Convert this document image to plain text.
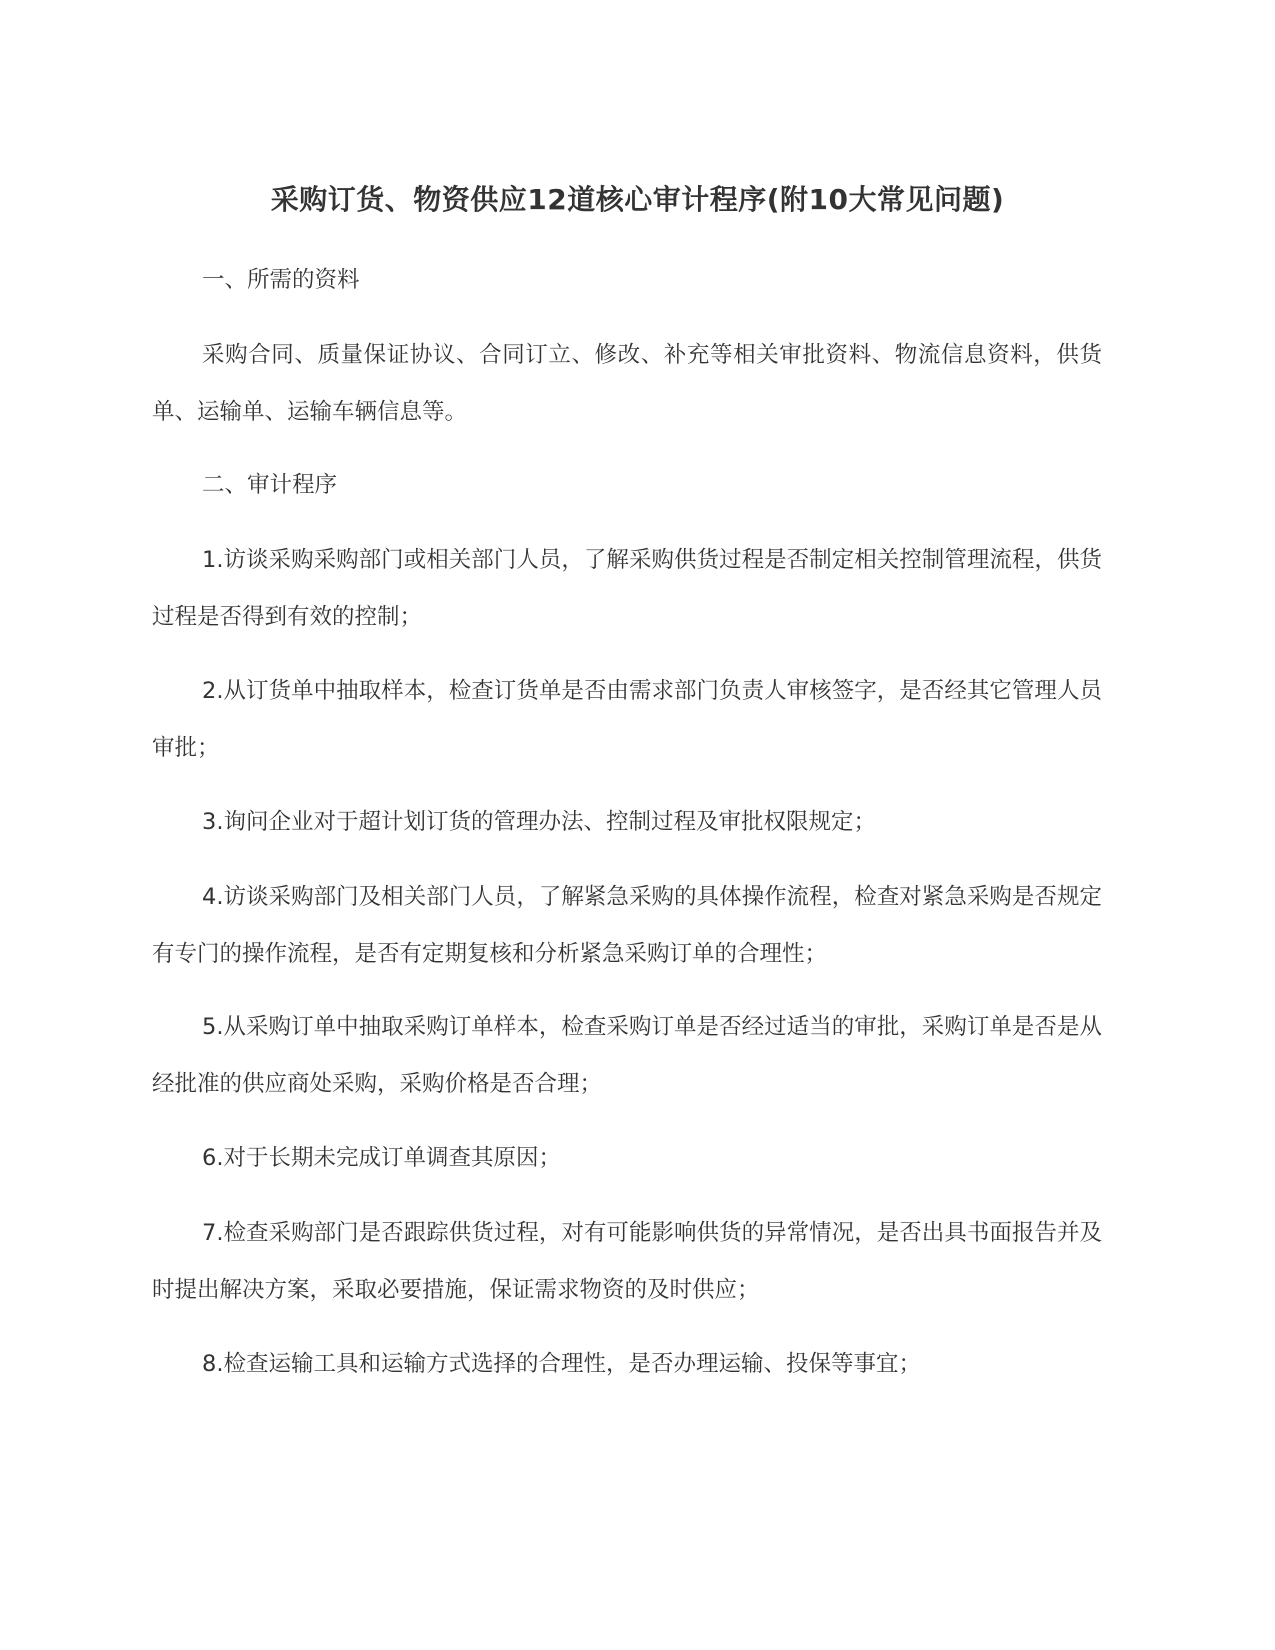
采购订货、物资供应12道核心审计程序(附10大常见问题)

一、所需的资料

采购合同、质量保证协议、合同订立、修改、补充等相关审批资料、物流信息资料，供货单、运输单、运输车辆信息等。

二、审计程序

1.访谈采购采购部门或相关部门人员，了解采购供货过程是否制定相关控制管理流程，供货过程是否得到有效的控制；

2.从订货单中抽取样本，检查订货单是否由需求部门负责人审核签字，是否经其它管理人员审批；

3.询问企业对于超计划订货的管理办法、控制过程及审批权限规定；

4.访谈采购部门及相关部门人员，了解紧急采购的具体操作流程，检查对紧急采购是否规定有专门的操作流程，是否有定期复核和分析紧急采购订单的合理性；

5.从采购订单中抽取采购订单样本，检查采购订单是否经过适当的审批，采购订单是否是从经批准的供应商处采购，采购价格是否合理；

6.对于长期未完成订单调查其原因；

7.检查采购部门是否跟踪供货过程，对有可能影响供货的异常情况，是否出具书面报告并及时提出解决方案，采取必要措施，保证需求物资的及时供应；

8.检查运输工具和运输方式选择的合理性，是否办理运输、投保等事宜；
